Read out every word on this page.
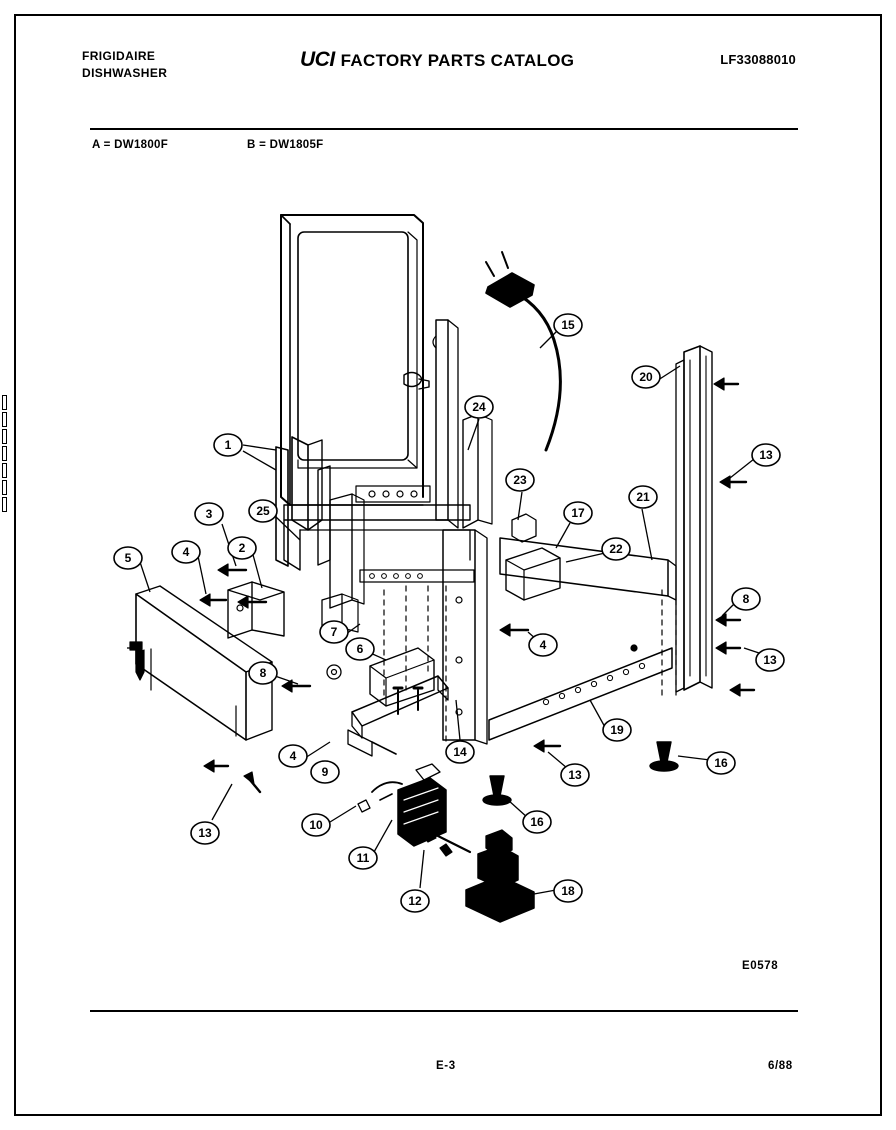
FRIGIDAIRE
DISHWASHER
UCI FACTORY PARTS CATALOG	LF33088010
A = DW1800F	B = DW1805F
1
2
3
4
4
4
5
6
7
8
8
9
10
11
12
13
13
13
13
14
15
16
16
17
18
19
20
21
22
23
24
25
E0578
E-3	6/88
